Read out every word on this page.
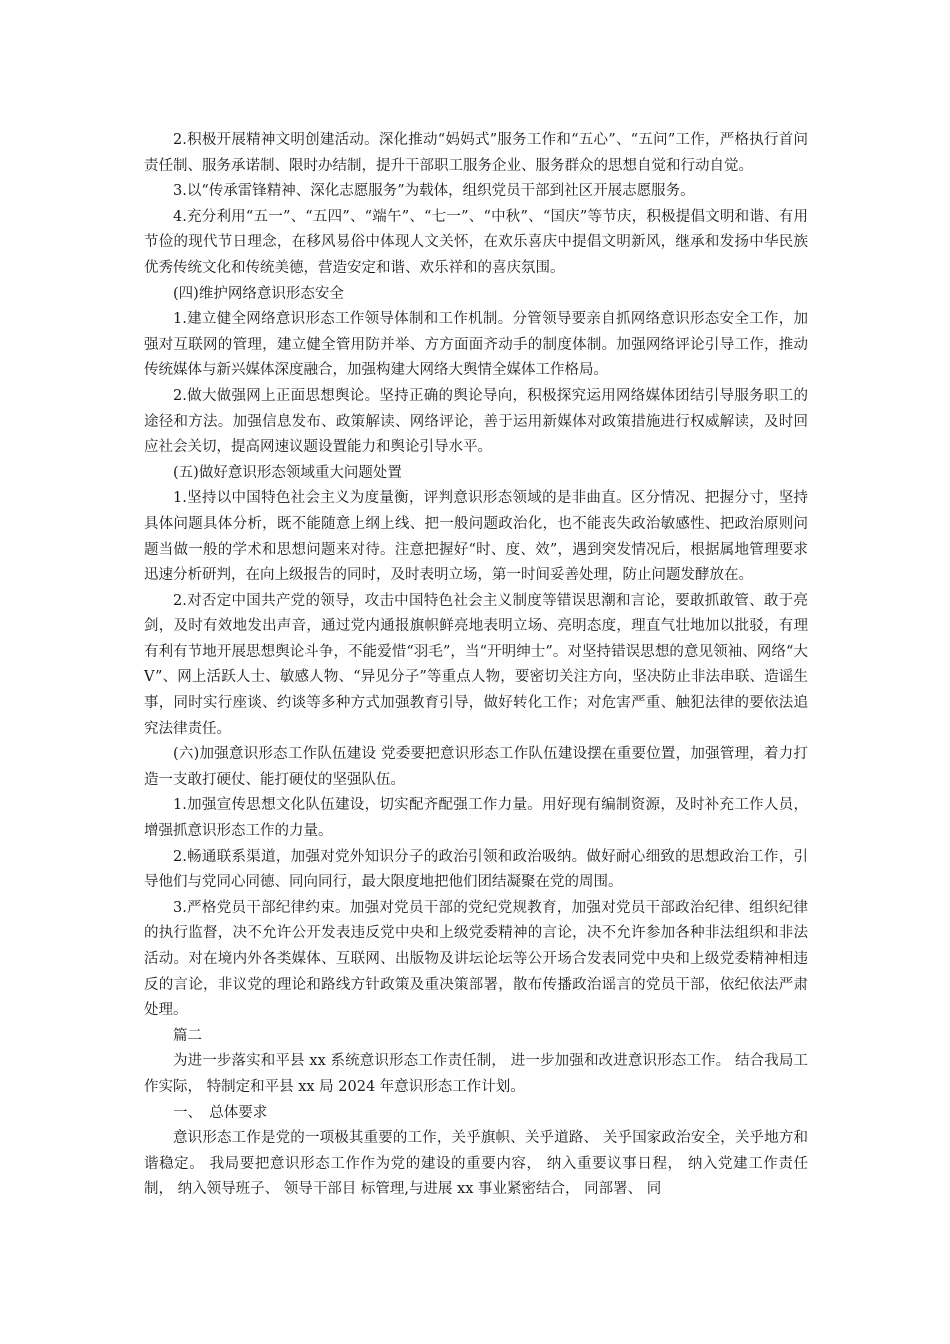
2.积极开展精神文明创建活动。深化推动“妈妈式”服务工作和“五心”、“五问”工作，严格执行首问责任制、服务承诺制、限时办结制，提升干部职工服务企业、服务群众的思想自觉和行动自觉。

3.以“传承雷锋精神、深化志愿服务”为载体，组织党员干部到社区开展志愿服务。

4.充分利用“五一”、“五四”、“端午”、“七一”、“中秋”、“国庆”等节庆，积极提倡文明和谐、有用节俭的现代节日理念，在移风易俗中体现人文关怀，在欢乐喜庆中提倡文明新风，继承和发扬中华民族优秀传统文化和传统美德，营造安定和谐、欢乐祥和的喜庆氛围。

(四)维护网络意识形态安全

1.建立健全网络意识形态工作领导体制和工作机制。分管领导要亲自抓网络意识形态安全工作，加强对互联网的管理，建立健全管用防并举、方方面面齐动手的制度体制。加强网络评论引导工作，推动传统媒体与新兴媒体深度融合，加强构建大网络大舆情全媒体工作格局。

2.做大做强网上正面思想舆论。坚持正确的舆论导向，积极探究运用网络媒体团结引导服务职工的途径和方法。加强信息发布、政策解读、网络评论，善于运用新媒体对政策措施进行权威解读，及时回应社会关切，提高网速议题设置能力和舆论引导水平。

(五)做好意识形态领域重大问题处置

1.坚持以中国特色社会主义为度量衡，评判意识形态领域的是非曲直。区分情况、把握分寸，坚持具体问题具体分析，既不能随意上纲上线、把一般问题政治化，也不能丧失政治敏感性、把政治原则问题当做一般的学术和思想问题来对待。注意把握好“时、度、效”，遇到突发情况后，根据属地管理要求迅速分析研判，在向上级报告的同时，及时表明立场，第一时间妥善处理，防止问题发酵放在。

2.对否定中国共产党的领导，攻击中国特色社会主义制度等错误思潮和言论，要敢抓敢管、敢于亮剑，及时有效地发出声音，通过党内通报旗帜鲜亮地表明立场、亮明态度，理直气壮地加以批驳，有理有利有节地开展思想舆论斗争，不能爱惜“羽毛”，当“开明绅士”。对坚持错误思想的意见领袖、网络“大V”、网上活跃人士、敏感人物、“异见分子”等重点人物，要密切关注方向，坚决防止非法串联、造谣生事，同时实行座谈、约谈等多种方式加强教育引导，做好转化工作；对危害严重、触犯法律的要依法追究法律责任。

(六)加强意识形态工作队伍建设 党委要把意识形态工作队伍建设摆在重要位置，加强管理，着力打造一支敢打硬仗、能打硬仗的坚强队伍。

1.加强宣传思想文化队伍建设，切实配齐配强工作力量。用好现有编制资源，及时补充工作人员，增强抓意识形态工作的力量。

2.畅通联系渠道，加强对党外知识分子的政治引领和政治吸纳。做好耐心细致的思想政治工作，引导他们与党同心同德、同向同行，最大限度地把他们团结凝聚在党的周围。

3.严格党员干部纪律约束。加强对党员干部的党纪党规教育，加强对党员干部政治纪律、组织纪律的执行监督，决不允许公开发表违反党中央和上级党委精神的言论，决不允许参加各种非法组织和非法活动。对在境内外各类媒体、互联网、出版物及讲坛论坛等公开场合发表同党中央和上级党委精神相违反的言论，非议党的理论和路线方针政策及重决策部署，散布传播政治谣言的党员干部，依纪依法严肃处理。

篇二

为进一步落实和平县 xx 系统意识形态工作责任制， 进一步加强和改进意识形态工作。 结合我局工作实际， 特制定和平县 xx 局 2024 年意识形态工作计划。

一、　总体要求

意识形态工作是党的一项极其重要的工作，关乎旗帜、关乎道路、 关乎国家政治安全，关乎地方和谐稳定。 我局要把意识形态工作作为党的建设的重要内容， 纳入重要议事日程， 纳入党建工作责任制， 纳入领导班子、 领导干部目 标管理,与进展 xx 事业紧密结合， 同部署、 同
